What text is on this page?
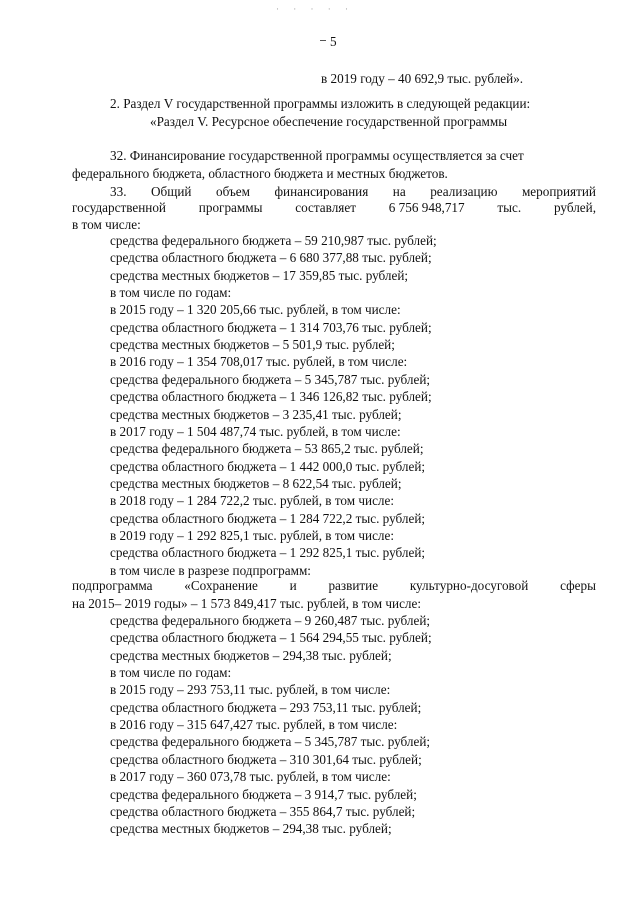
· · · · ·
5
в 2019 году – 40 692,9 тыс. рублей».
2. Раздел V государственной программы изложить в следующей редакции:
«Раздел V. Ресурсное обеспечение государственной программы
32. Финансирование государственной программы осуществляется за счет
федерального бюджета, областного бюджета и местных бюджетов.
33. Общий объем финансирования на реализацию мероприятий
государственной программы составляет 6 756 948,717 тыс. рублей,
в том числе:
средства федерального бюджета – 59 210,987 тыс. рублей;
средства областного бюджета – 6 680 377,88 тыс. рублей;
средства местных бюджетов – 17 359,85 тыс. рублей;
в том числе по годам:
в 2015 году – 1 320 205,66 тыс. рублей, в том числе:
средства областного бюджета – 1 314 703,76 тыс. рублей;
средства местных бюджетов – 5 501,9 тыс. рублей;
в 2016 году – 1 354 708,017 тыс. рублей, в том числе:
средства федерального бюджета – 5 345,787 тыс. рублей;
средства областного бюджета – 1 346 126,82 тыс. рублей;
средства местных бюджетов – 3 235,41 тыс. рублей;
в 2017 году – 1 504 487,74 тыс. рублей, в том числе:
средства федерального бюджета – 53 865,2 тыс. рублей;
средства областного бюджета – 1 442 000,0 тыс. рублей;
средства местных бюджетов – 8 622,54 тыс. рублей;
в 2018 году – 1 284 722,2 тыс. рублей, в том числе:
средства областного бюджета – 1 284 722,2 тыс. рублей;
в 2019 году – 1 292 825,1 тыс. рублей, в том числе:
средства областного бюджета – 1 292 825,1 тыс. рублей;
в том числе в разрезе подпрограмм:
подпрограмма «Сохранение и развитие культурно-досуговой сферы
на 2015– 2019 годы» – 1 573 849,417 тыс. рублей, в том числе:
средства федерального бюджета – 9 260,487 тыс. рублей;
средства областного бюджета – 1 564 294,55 тыс. рублей;
средства местных бюджетов – 294,38 тыс. рублей;
в том числе по годам:
в 2015 году – 293 753,11 тыс. рублей, в том числе:
средства областного бюджета – 293 753,11 тыс. рублей;
в 2016 году – 315 647,427 тыс. рублей, в том числе:
средства федерального бюджета – 5 345,787 тыс. рублей;
средства областного бюджета – 310 301,64 тыс. рублей;
в 2017 году – 360 073,78 тыс. рублей, в том числе:
средства федерального бюджета – 3 914,7 тыс. рублей;
средства областного бюджета – 355 864,7 тыс. рублей;
средства местных бюджетов – 294,38 тыс. рублей;
